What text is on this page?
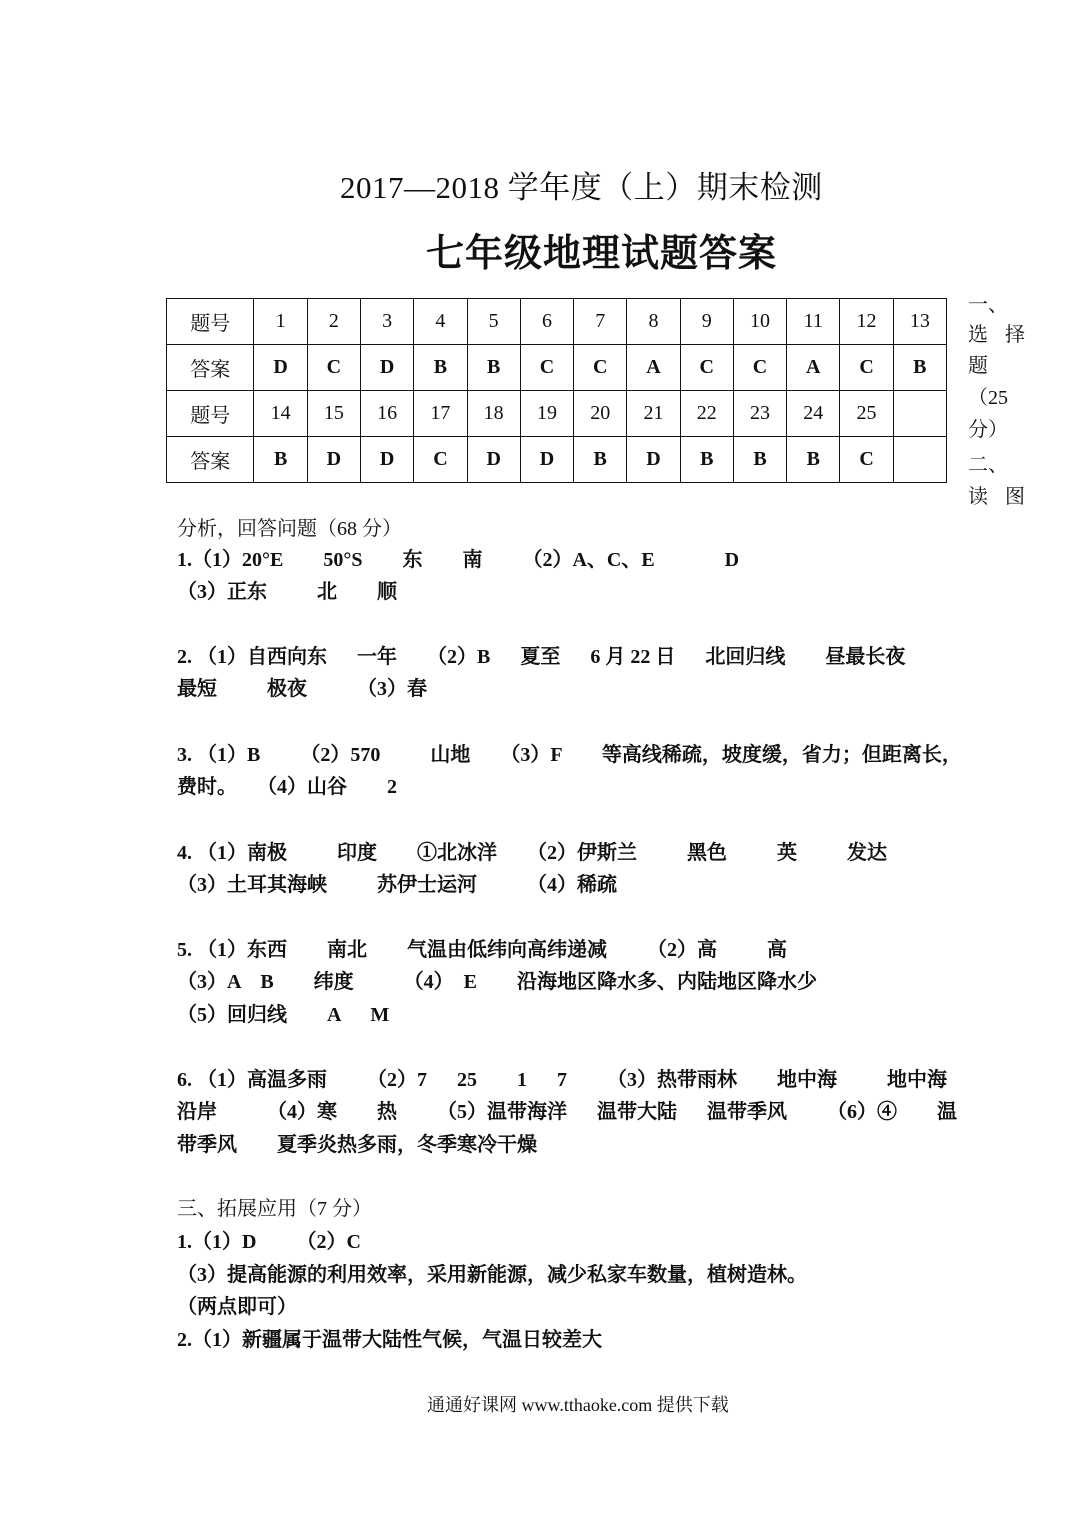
2017—2018 学年度（上）期末检测
七年级地理试题答案
题号	1	2	3	4	5	6	7	8	9	10	11	12	13
答案	D	C	D	B	B	C	C	A	C	C	A	C	B
题号	14	15	16	17	18	19	20	21	22	23	24	25	
答案	B	D	D	C	D	D	B	D	B	B	B	C	
一、
选 择
题
（25
分）
二、
读 图
分析，回答问题（68 分）
1.（1）20°E        50°S        东        南        （2）A、C、E              D
（3）正东          北        顺
2. （1）自西向东      一年      （2）B      夏至      6 月 22 日      北回归线        昼最长夜
最短          极夜          （3）春
3. （1）B        （2）570          山地      （3）F        等高线稀疏，坡度缓，省力；但距离长，
费时。    （4）山谷        2
4. （1）南极          印度        ①北冰洋      （2）伊斯兰          黑色          英          发达
（3）土耳其海峡          苏伊士运河          （4）稀疏
5. （1）东西        南北        气温由低纬向高纬递减        （2）高          高
（3）A    B        纬度          （4）  E        沿海地区降水多、内陆地区降水少
（5）回归线        A      M
6. （1）高温多雨        （2）7      25        1      7        （3）热带雨林        地中海          地中海
沿岸          （4）寒        热        （5）温带海洋      温带大陆      温带季风        （6）④        温
带季风        夏季炎热多雨，冬季寒冷干燥
三、拓展应用（7 分）
1.（1）D        （2）C
（3）提高能源的利用效率，采用新能源，减少私家车数量，植树造林。
（两点即可）
2.（1）新疆属于温带大陆性气候，气温日较差大
通通好课网 www.tthaoke.com 提供下载
